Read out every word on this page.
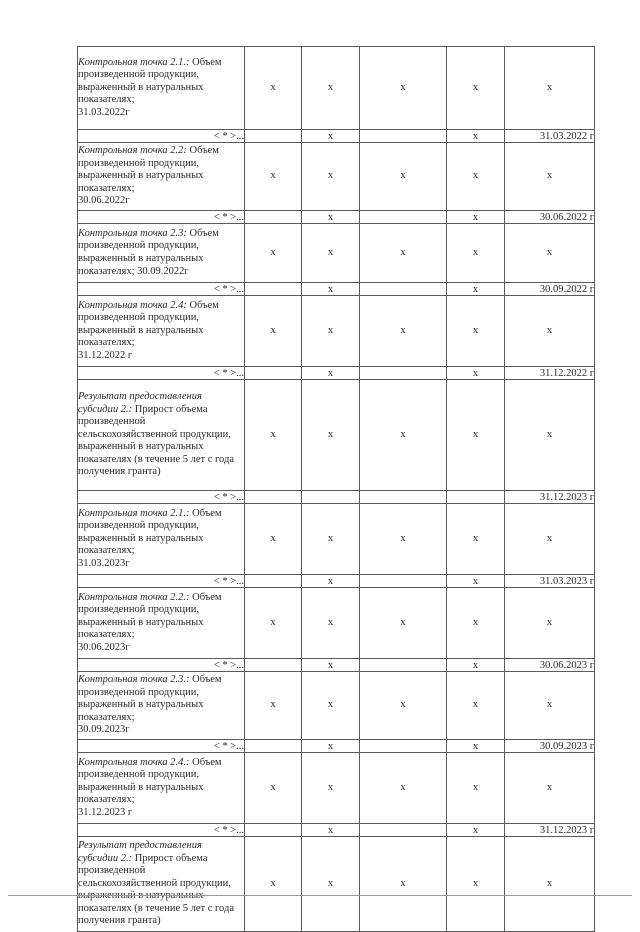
Контрольная точка 2.1.: Объем произведенной продукции, выраженный в натуральных показателях;
31.03.2022г	x	x	x	x	x
< * >...		x		x	31.03.2022 г
Контрольная точка 2.2: Объем произведенной продукции, выраженный в натуральных показателях;
30.06.2022г	x	x	x	x	x
< * >...		x		x	30.06.2022 г
Контрольная точка 2.3: Объем произведенной продукции, выраженный в натуральных показателях; 30.09.2022г	x	x	x	x	x
< * >...		x		x	30.09.2022 г
Контрольная точка 2.4: Объем произведенной продукции, выраженный в натуральных показателях;
31.12.2022 г	x	x	x	x	x
< * >...		x		x	31.12.2022 г
Результат предоставления субсидии 2.: Прирост объема произведенной сельскохозяйственной продукции, выраженный в натуральных показателях (в течение 5 лет с года получения гранта)	x	x	x	x	x
< * >...					31.12.2023 г
Контрольная точка 2.1.: Объем произведенной продукции, выраженный в натуральных показателях;
31.03.2023г	x	x	x	x	x
< * >...		x		x	31.03.2023 г
Контрольная точка 2.2.: Объем произведенной продукции, выраженный в натуральных показателях;
30.06.2023г	x	x	x	x	x
< * >...		x		x	30.06.2023 г
Контрольная точка 2.3.: Объем произведенной продукции, выраженный в натуральных показателях;
30.09.2023г	x	x	x	x	x
< * >...		x		x	30.09.2023 г
Контрольная точка 2.4.: Объем произведенной продукции, выраженный в натуральных показателях;
31.12.2023 г	x	x	x	x	x
< * >...		x		x	31.12.2023 г
Результат предоставления субсидии 2.: Прирост объема произведенной сельскохозяйственной продукции, выраженный в натуральных показателях (в течение 5 лет с года получения гранта)	x	x	x	x	x
